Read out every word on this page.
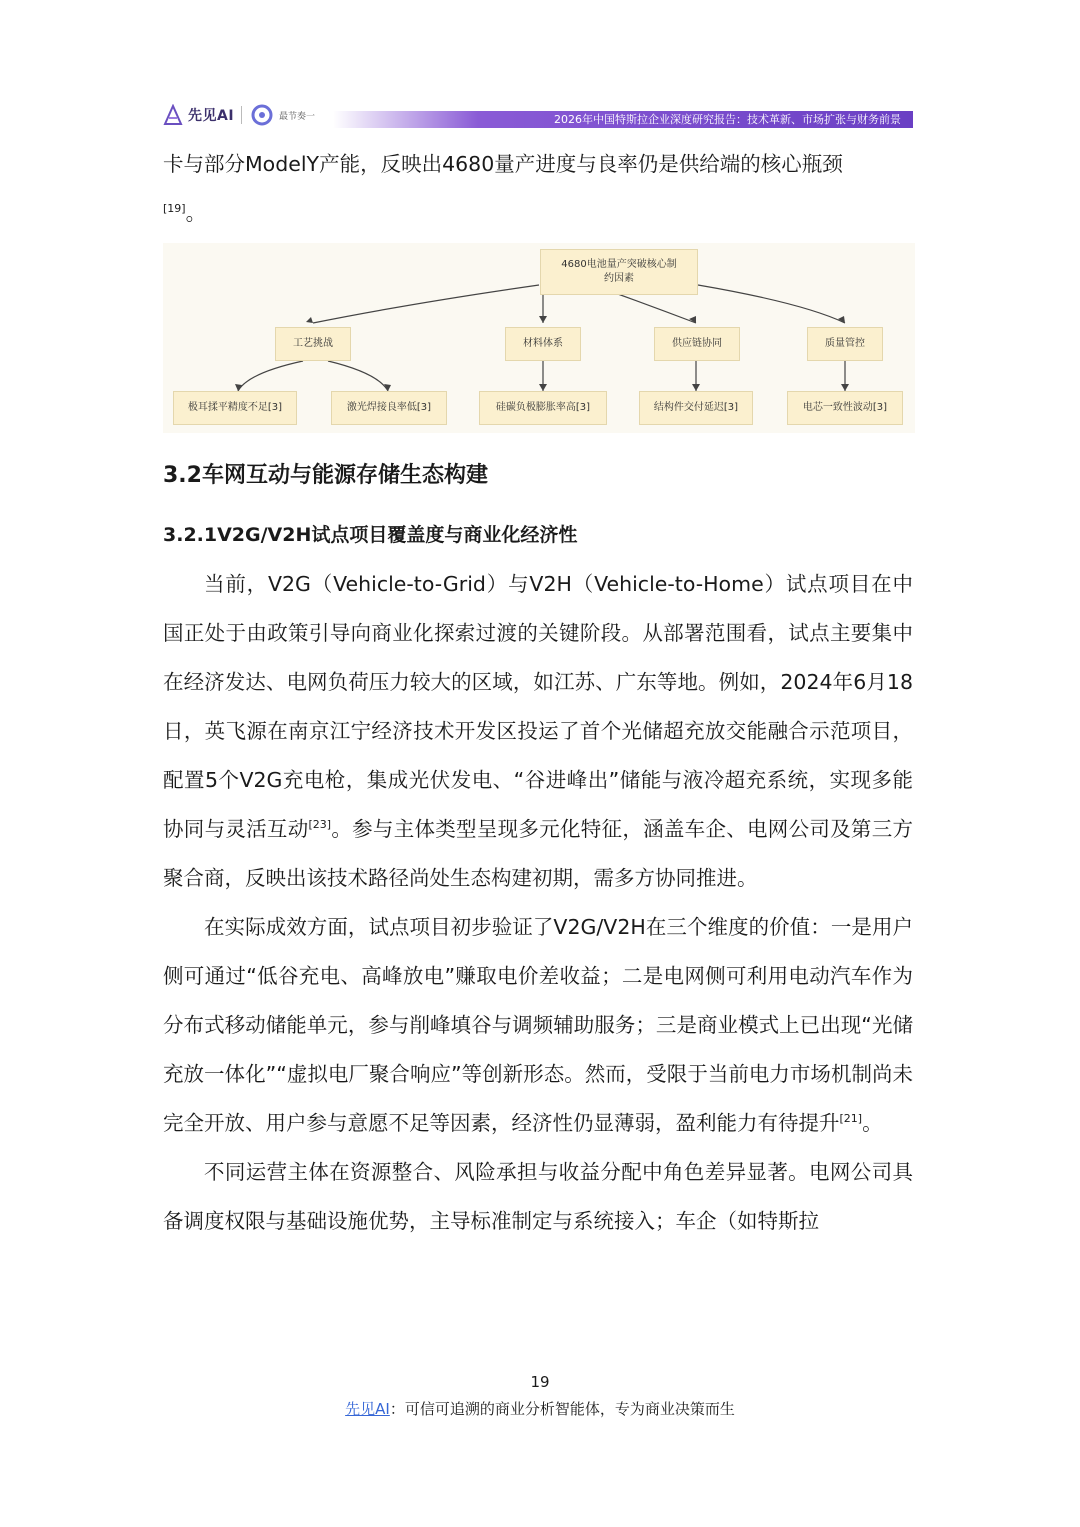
先见AI	最节奏一	2026年中国特斯拉企业深度研究报告：技术革新、市场扩张与财务前景

卡与部分ModelY产能，反映出4680量产进度与良率仍是供给端的核心瓶颈
[19]。

4680电池量产突破核心制约因素
工艺挑战	材料体系	供应链协同	质量管控
极耳揉平精度不足[3]	激光焊接良率低[3]	硅碳负极膨胀率高[3]	结构件交付延迟[3]	电芯一致性波动[3]
3.2车网互动与能源存储生态构建
3.2.1V2G/V2H试点项目覆盖度与商业化经济性

当前，V2G（Vehicle-to-Grid）与V2H（Vehicle-to-Home）试点项目在中国正处于由政策引导向商业化探索过渡的关键阶段。从部署范围看，试点主要集中在经济发达、电网负荷压力较大的区域，如江苏、广东等地。例如，2024年6月18日，英飞源在南京江宁经济技术开发区投运了首个光储超充放交能融合示范项目，配置5个V2G充电枪，集成光伏发电、“谷进峰出”储能与液冷超充系统，实现多能协同与灵活互动[23]。参与主体类型呈现多元化特征，涵盖车企、电网公司及第三方聚合商，反映出该技术路径尚处生态构建初期，需多方协同推进。

在实际成效方面，试点项目初步验证了V2G/V2H在三个维度的价值：一是用户侧可通过“低谷充电、高峰放电”赚取电价差收益；二是电网侧可利用电动汽车作为分布式移动储能单元，参与削峰填谷与调频辅助服务；三是商业模式上已出现“光储充放一体化”“虚拟电厂聚合响应”等创新形态。然而，受限于当前电力市场机制尚未完全开放、用户参与意愿不足等因素，经济性仍显薄弱，盈利能力有待提升[21]。

不同运营主体在资源整合、风险承担与收益分配中角色差异显著。电网公司具备调度权限与基础设施优势，主导标准制定与系统接入；车企（如特斯拉

19
先见AI：可信可追溯的商业分析智能体，专为商业决策而生
